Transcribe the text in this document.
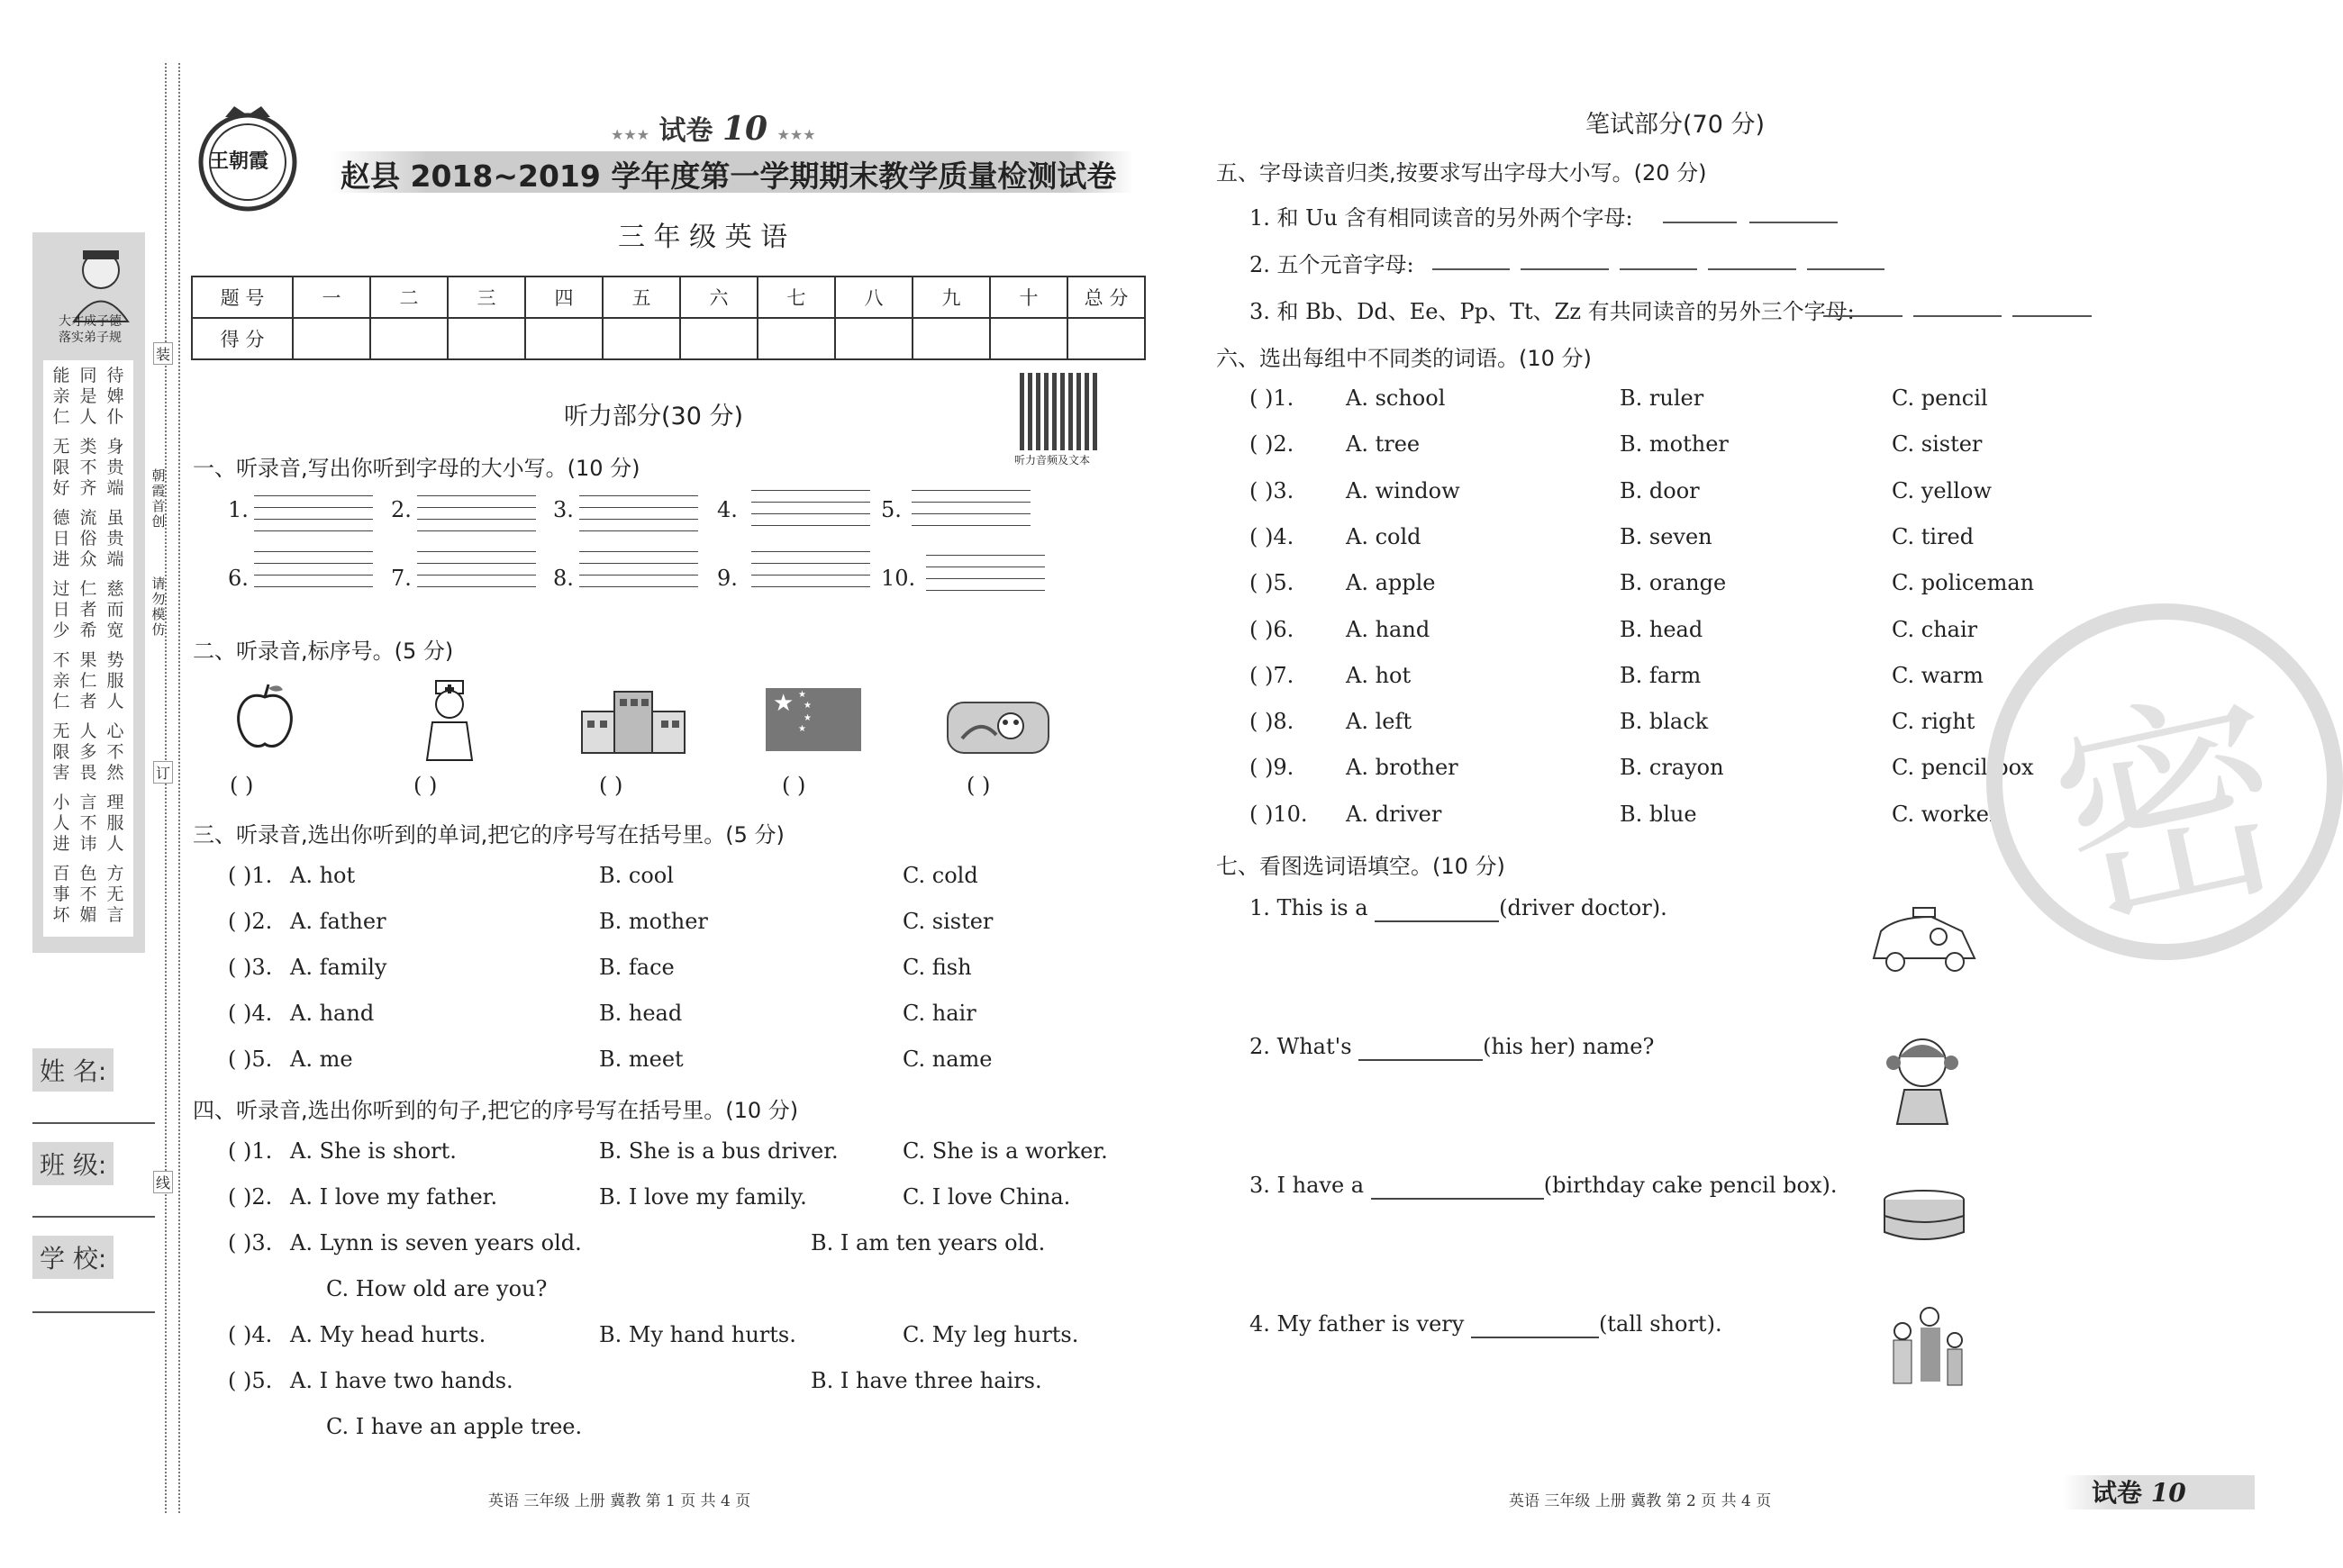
装
朝霞首创
请勿模仿
订
线
大才成子德
落实弟子规
能亲仁
无限好
德日进
过日少
不亲仁
无限害
小人进
百事坏
同是人
类不齐
流俗众
仁者希
果仁者
人多畏
言不讳
色不媚
待婢仆
身贵端
虽贵端
慈而宽
势服人
心不然
理服人
方无言
姓 名:
班 级:
学 校:
王朝霞
★★★ 试卷 10 ★★★
赵县 2018~2019 学年度第一学期期末教学质量检测试卷
三 年 级 英 语
题 号	一	二	三	四	五	六	七	八	九	十	总 分
得 分											
听力音频及文本
听力部分(30 分)
一、听录音,写出你听到字母的大小写。(10 分)
1.	2.	3.	4.	5.
6.	7.	8.	9.	10.
二、听录音,标序号。(5 分)
★ ★
★
★
★
( )	( )	( )	( )	( )
三、听录音,选出你听到的单词,把它的序号写在括号里。(5 分)
( )1. A. hot	B. cool	C. cold
( )2. A. father	B. mother	C. sister
( )3. A. family	B. face	C. fish
( )4. A. hand	B. head	C. hair
( )5. A. me	B. meet	C. name
四、听录音,选出你听到的句子,把它的序号写在括号里。(10 分)
( )1. A. She is short.	B. She is a bus driver.	C. She is a worker.
( )2. A. I love my father.	B. I love my family.	C. I love China.
( )3. A. Lynn is seven years old.	B. I am ten years old.
C. How old are you?
( )4. A. My head hurts.	B. My hand hurts.	C. My leg hurts.
( )5. A. I have two hands.	B. I have three hairs.
C. I have an apple tree.
笔试部分(70 分)
五、字母读音归类,按要求写出字母大小写。(20 分)
1. 和 Uu 含有相同读音的另外两个字母:
2. 五个元音字母:
3. 和 Bb、Dd、Ee、Pp、Tt、Zz 有共同读音的另外三个字母:
六、选出每组中不同类的词语。(10 分)
( )1. A. school	B. ruler	C. pencil
( )2. A. tree	B. mother	C. sister
( )3. A. window	B. door	C. yellow
( )4. A. cold	B. seven	C. tired
( )5. A. apple	B. orange	C. policeman
( )6. A. hand	B. head	C. chair
( )7. A. hot	B. farm	C. warm
( )8. A. left	B. black	C. right
( )9. A. brother	B. crayon	C. pencil box
( )10. A. driver	B. blue	C. worker 密
七、看图选词语填空。(10 分)
1. This is a	(driver doctor).
2. What's	(his her) name?
3. I have a	(birthday cake pencil box).
4. My father is very	(tall short).
英语 三年级 上册 冀教 第 1 页 共 4 页	英语 三年级 上册 冀教 第 2 页 共 4 页	试卷 10
